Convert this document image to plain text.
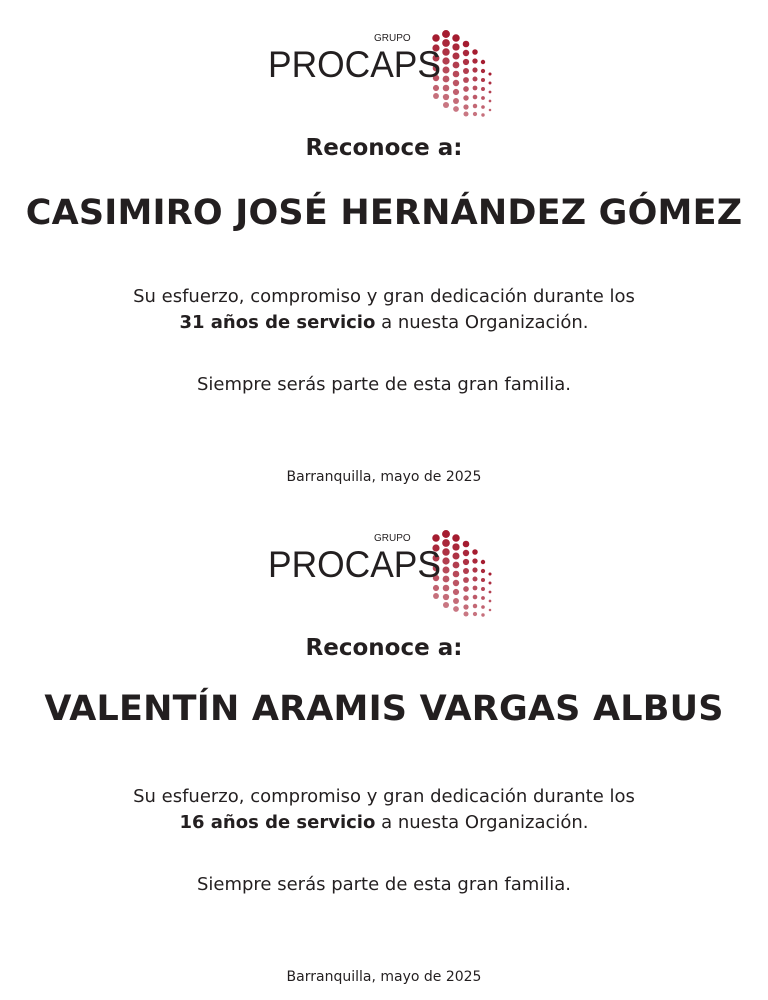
GRUPO
PROCAPS
Reconoce a:
CASIMIRO JOSÉ HERNÁNDEZ GÓMEZ
Su esfuerzo, compromiso y gran dedicación durante los
31 años de servicio a nuesta Organización.
Siempre serás parte de esta gran familia.
Barranquilla, mayo de 2025
GRUPO
PROCAPS
Reconoce a:
VALENTÍN ARAMIS VARGAS ALBUS
Su esfuerzo, compromiso y gran dedicación durante los
16 años de servicio a nuesta Organización.
Siempre serás parte de esta gran familia.
Barranquilla, mayo de 2025
